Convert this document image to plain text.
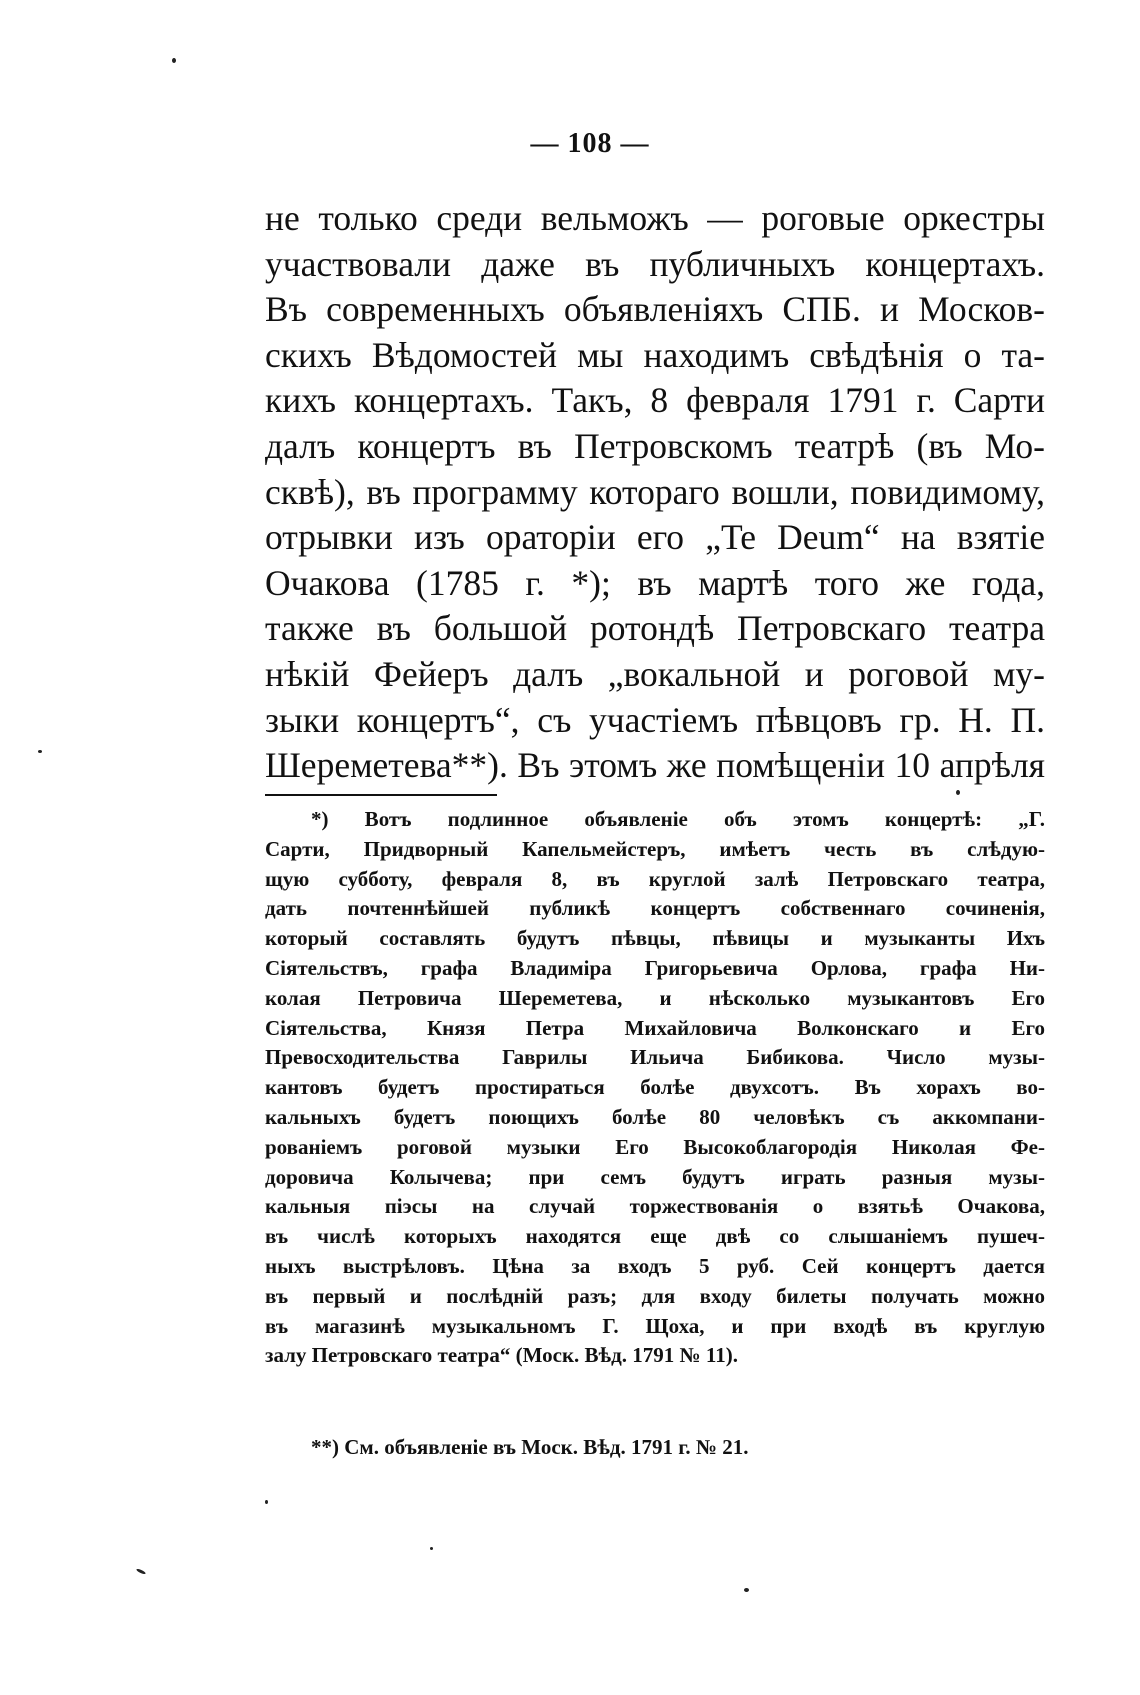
— 108 —
не только среди вельможъ — роговые оркестры
участвовали даже въ публичныхъ концертахъ.
Въ современныхъ объявленіяхъ СПБ. и Москов-
скихъ Вѣдомостей мы находимъ свѣдѣнія о та-
кихъ концертахъ. Такъ, 8 февраля 1791 г. Сарти
далъ концертъ въ Петровскомъ театрѣ (въ Мо-
сквѣ), въ программу котораго вошли, повидимому,
отрывки изъ ораторіи его „Te Deum“ на взятіе
Очакова (1785 г. *); въ мартѣ того же года,
также въ большой ротондѣ Петровскаго театра
нѣкій Фейеръ далъ „вокальной и роговой му-
зыки концертъ“, съ участіемъ пѣвцовъ гр. Н. П.
Шереметева**). Въ этомъ же помѣщеніи 10 апрѣля
*) Вотъ подлинное объявленіе объ этомъ концертѣ: „Г.
Сарти, Придворный Капельмейстеръ, имѣетъ честь въ слѣдую-
щую субботу, февраля 8, въ круглой залѣ Петровскаго театра,
дать почтеннѣйшей публикѣ концертъ собственнаго сочиненія,
который составлять будутъ пѣвцы, пѣвицы и музыканты Ихъ
Сіятельствъ, графа Владиміра Григорьевича Орлова, графа Ни-
колая Петровича Шереметева, и нѣсколько музыкантовъ Его
Сіятельства, Князя Петра Михайловича Волконскаго и Его
Превосходительства Гаврилы Ильича Бибикова. Число музы-
кантовъ будетъ простираться болѣе двухсотъ. Въ хорахъ во-
кальныхъ будетъ поющихъ болѣе 80 человѣкъ съ аккомпани-
рованіемъ роговой музыки Его Высокоблагородія Николая Фе-
доровича Колычева; при семъ будутъ играть разныя музы-
кальныя піэсы на случай торжествованія о взятьѣ Очакова,
въ числѣ которыхъ находятся еще двѣ со слышаніемъ пушеч-
ныхъ выстрѣловъ. Цѣна за входъ 5 руб. Сей концертъ дается
въ первый и послѣдній разъ; для входу билеты получать можно
въ магазинѣ музыкальномъ Г. Щоха, и при входѣ въ круглую
залу Петровскаго театра“ (Моск. Вѣд. 1791 № 11).
**) См. объявленіе въ Моск. Вѣд. 1791 г. № 21.
